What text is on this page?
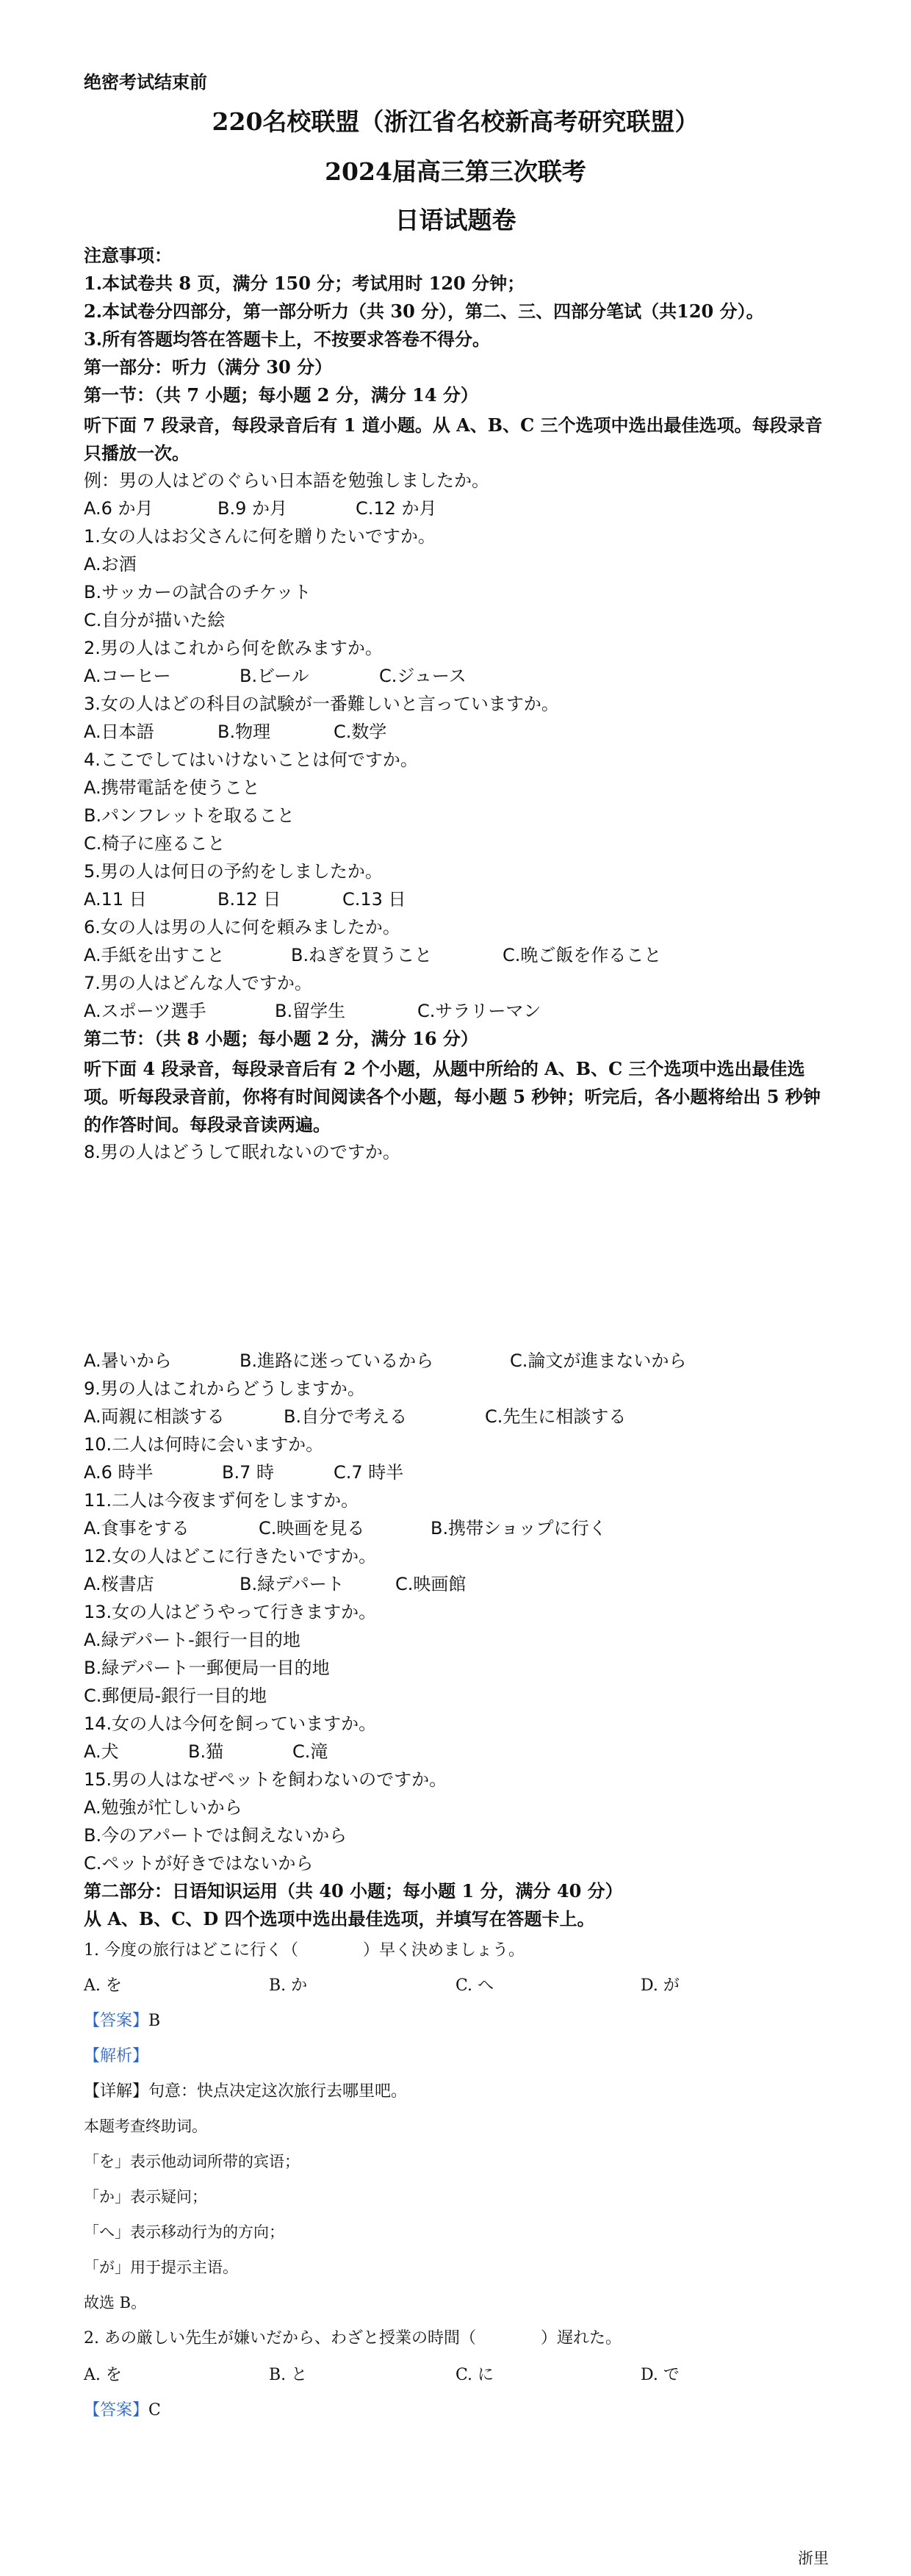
绝密考试结束前
220名校联盟（浙江省名校新高考研究联盟）
2024届高三第三次联考
日语试题卷
注意事项：
1.本试卷共 8 页，满分 150 分；考试用时 120 分钟；
2.本试卷分四部分，第一部分听力（共 30 分），第二、三、四部分笔试（共120 分）。
3.所有答题均答在答题卡上，不按要求答卷不得分。
第一部分：听力（满分 30 分）
第一节：（共 7 小题；每小题 2 分，满分 14 分）
听下面 7 段录音，每段录音后有 1 道小题。从 A、B、C 三个选项中选出最佳选项。每段录音只播放一次。
例：男の人はどのぐらい日本語を勉強しましたか。
A.6 か月	B.9 か月	C.12 か月
1.女の人はお父さんに何を贈りたいですか。
A.お酒
B.サッカーの試合のチケット
C.自分が描いた絵
2.男の人はこれから何を飲みますか。
A.コーヒー	B.ビール	C.ジュース
3.女の人はどの科目の試験が一番難しいと言っていますか。
A.日本語	B.物理	C.数学
4.ここでしてはいけないことは何ですか。
A.携帯電話を使うこと
B.パンフレットを取ること
C.椅子に座ること
5.男の人は何日の予約をしましたか。
A.11 日	B.12 日	C.13 日
6.女の人は男の人に何を頼みましたか。
A.手紙を出すこと	B.ねぎを買うこと	C.晩ご飯を作ること
7.男の人はどんな人ですか。
A.スポーツ選手	B.留学生	C.サラリーマン
第二节：（共 8 小题；每小题 2 分，满分 16 分）
听下面 4 段录音，每段录音后有 2 个小题，从题中所给的 A、B、C 三个选项中选出最佳选项。听每段录音前，你将有时间阅读各个小题，每小题 5 秒钟；听完后，各小题将给出 5 秒钟的作答时间。每段录音读两遍。
8.男の人はどうして眠れないのですか。
A.暑いから	B.進路に迷っているから	C.論文が進まないから
9.男の人はこれからどうしますか。
A.両親に相談する	B.自分で考える	C.先生に相談する
10.二人は何時に会いますか。
A.6 時半	B.7 時	C.7 時半
11.二人は今夜まず何をしますか。
A.食事をする	C.映画を見る	B.携帯ショップに行く
12.女の人はどこに行きたいですか。
A.桜書店	B.緑デパート	C.映画館
13.女の人はどうやって行きますか。
A.緑デパート-銀行一目的地
B.緑デパート一郵便局一目的地
C.郵便局-銀行一目的地
14.女の人は今何を飼っていますか。
A.犬	B.猫	C.滝
15.男の人はなぜペットを飼わないのですか。
A.勉強が忙しいから
B.今のアパートでは飼えないから
C.ペットが好きではないから
第二部分：日语知识运用（共 40 小题；每小题 1 分，满分 40 分）
从 A、B、C、D 四个选项中选出最佳选项，并填写在答题卡上。
1. 今度の旅行はどこに行く（　　　　）早く決めましょう。
A. を	B. か	C. へ	D. が
【答案】B
【解析】
【详解】句意：快点决定这次旅行去哪里吧。
本题考查终助词。
「を」表示他动词所带的宾语；
「か」表示疑问；
「へ」表示移动行为的方向；
「が」用于提示主语。
故选 B。
2. あの厳しい先生が嫌いだから、わざと授業の時間（　　　　）遅れた。
A. を	B. と	C. に	D. で
【答案】C
浙里
